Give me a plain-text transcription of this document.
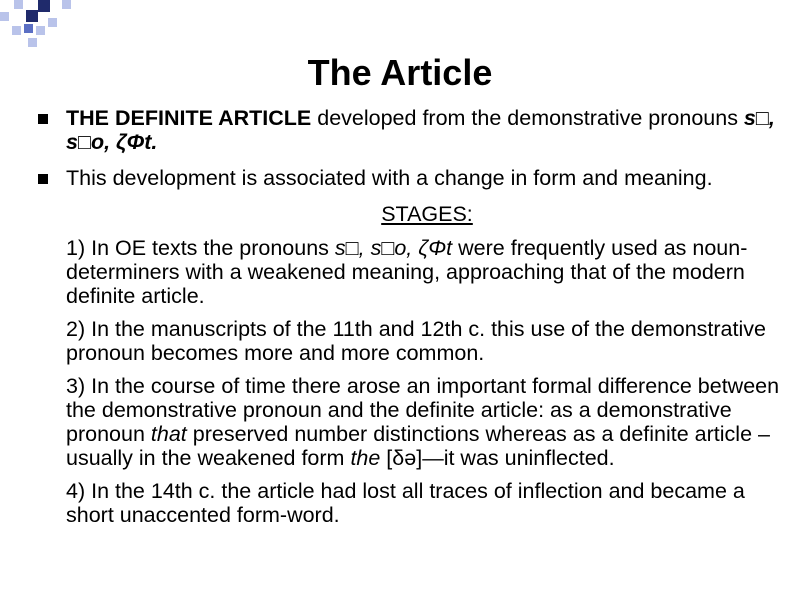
The Article
THE DEFINITE ARTICLE developed from the demonstrative pronouns s□, s□o, ζΦt.
This development is associated with a change in form and meaning.
STAGES:
1) In OE texts the pronouns s□, s□o, ζΦt were frequently used as noun-determiners with a weakened meaning, approaching that of the modern definite article.
2) In the manuscripts of the 11th and 12th c. this use of the demonstrative pronoun becomes more and more common.
3) In the course of time there arose an important formal difference between the demonstrative pronoun and the definite article: as a demonstrative pronoun that preserved number distinctions whereas as a definite article – usually in the weakened form the [δə]—it was uninflected.
4) In the 14th c. the article had lost all traces of inflection and became a short unaccented form-word.
